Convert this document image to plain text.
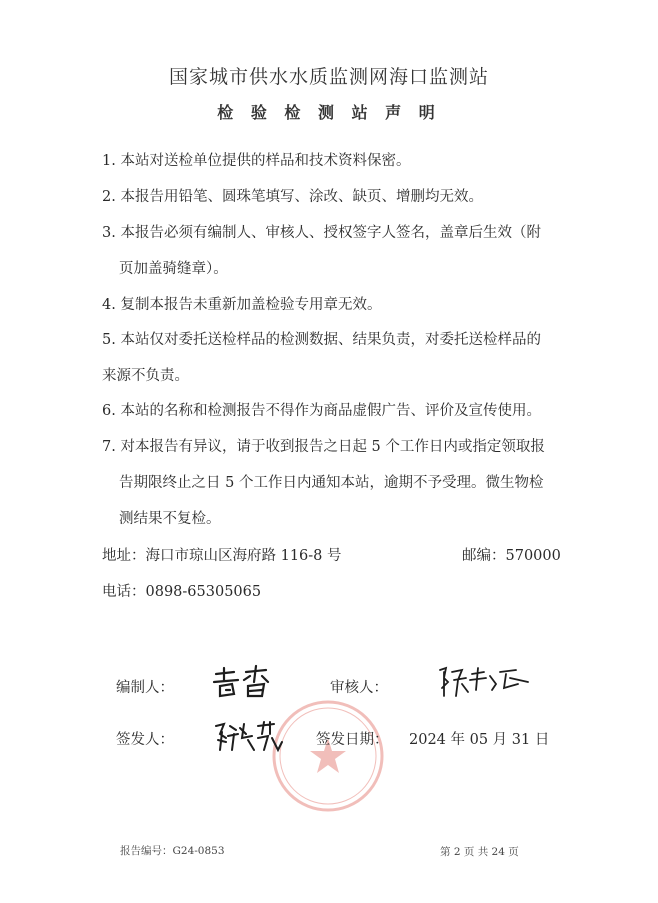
国家城市供水水质监测网海口监测站
检 验 检 测 站 声 明
1. 本站对送检单位提供的样品和技术资料保密。
2. 本报告用铅笔、圆珠笔填写、涂改、缺页、增删均无效。
3. 本报告必须有编制人、审核人、授权签字人签名，盖章后生效（附
页加盖骑缝章）。
4. 复制本报告未重新加盖检验专用章无效。
5. 本站仅对委托送检样品的检测数据、结果负责，对委托送检样品的
来源不负责。
6. 本站的名称和检测报告不得作为商品虚假广告、评价及宣传使用。
7. 对本报告有异议，请于收到报告之日起 5 个工作日内或指定领取报
告期限终止之日 5 个工作日内通知本站，逾期不予受理。微生物检
测结果不复检。
地址：海口市琼山区海府路 116-8 号	邮编：570000
电话：0898-65305065
编制人：	审核人：
签发人：	签发日期： 2024 年 05 月 31 日
报告编号：G24-0853	第 2 页 共 24 页
